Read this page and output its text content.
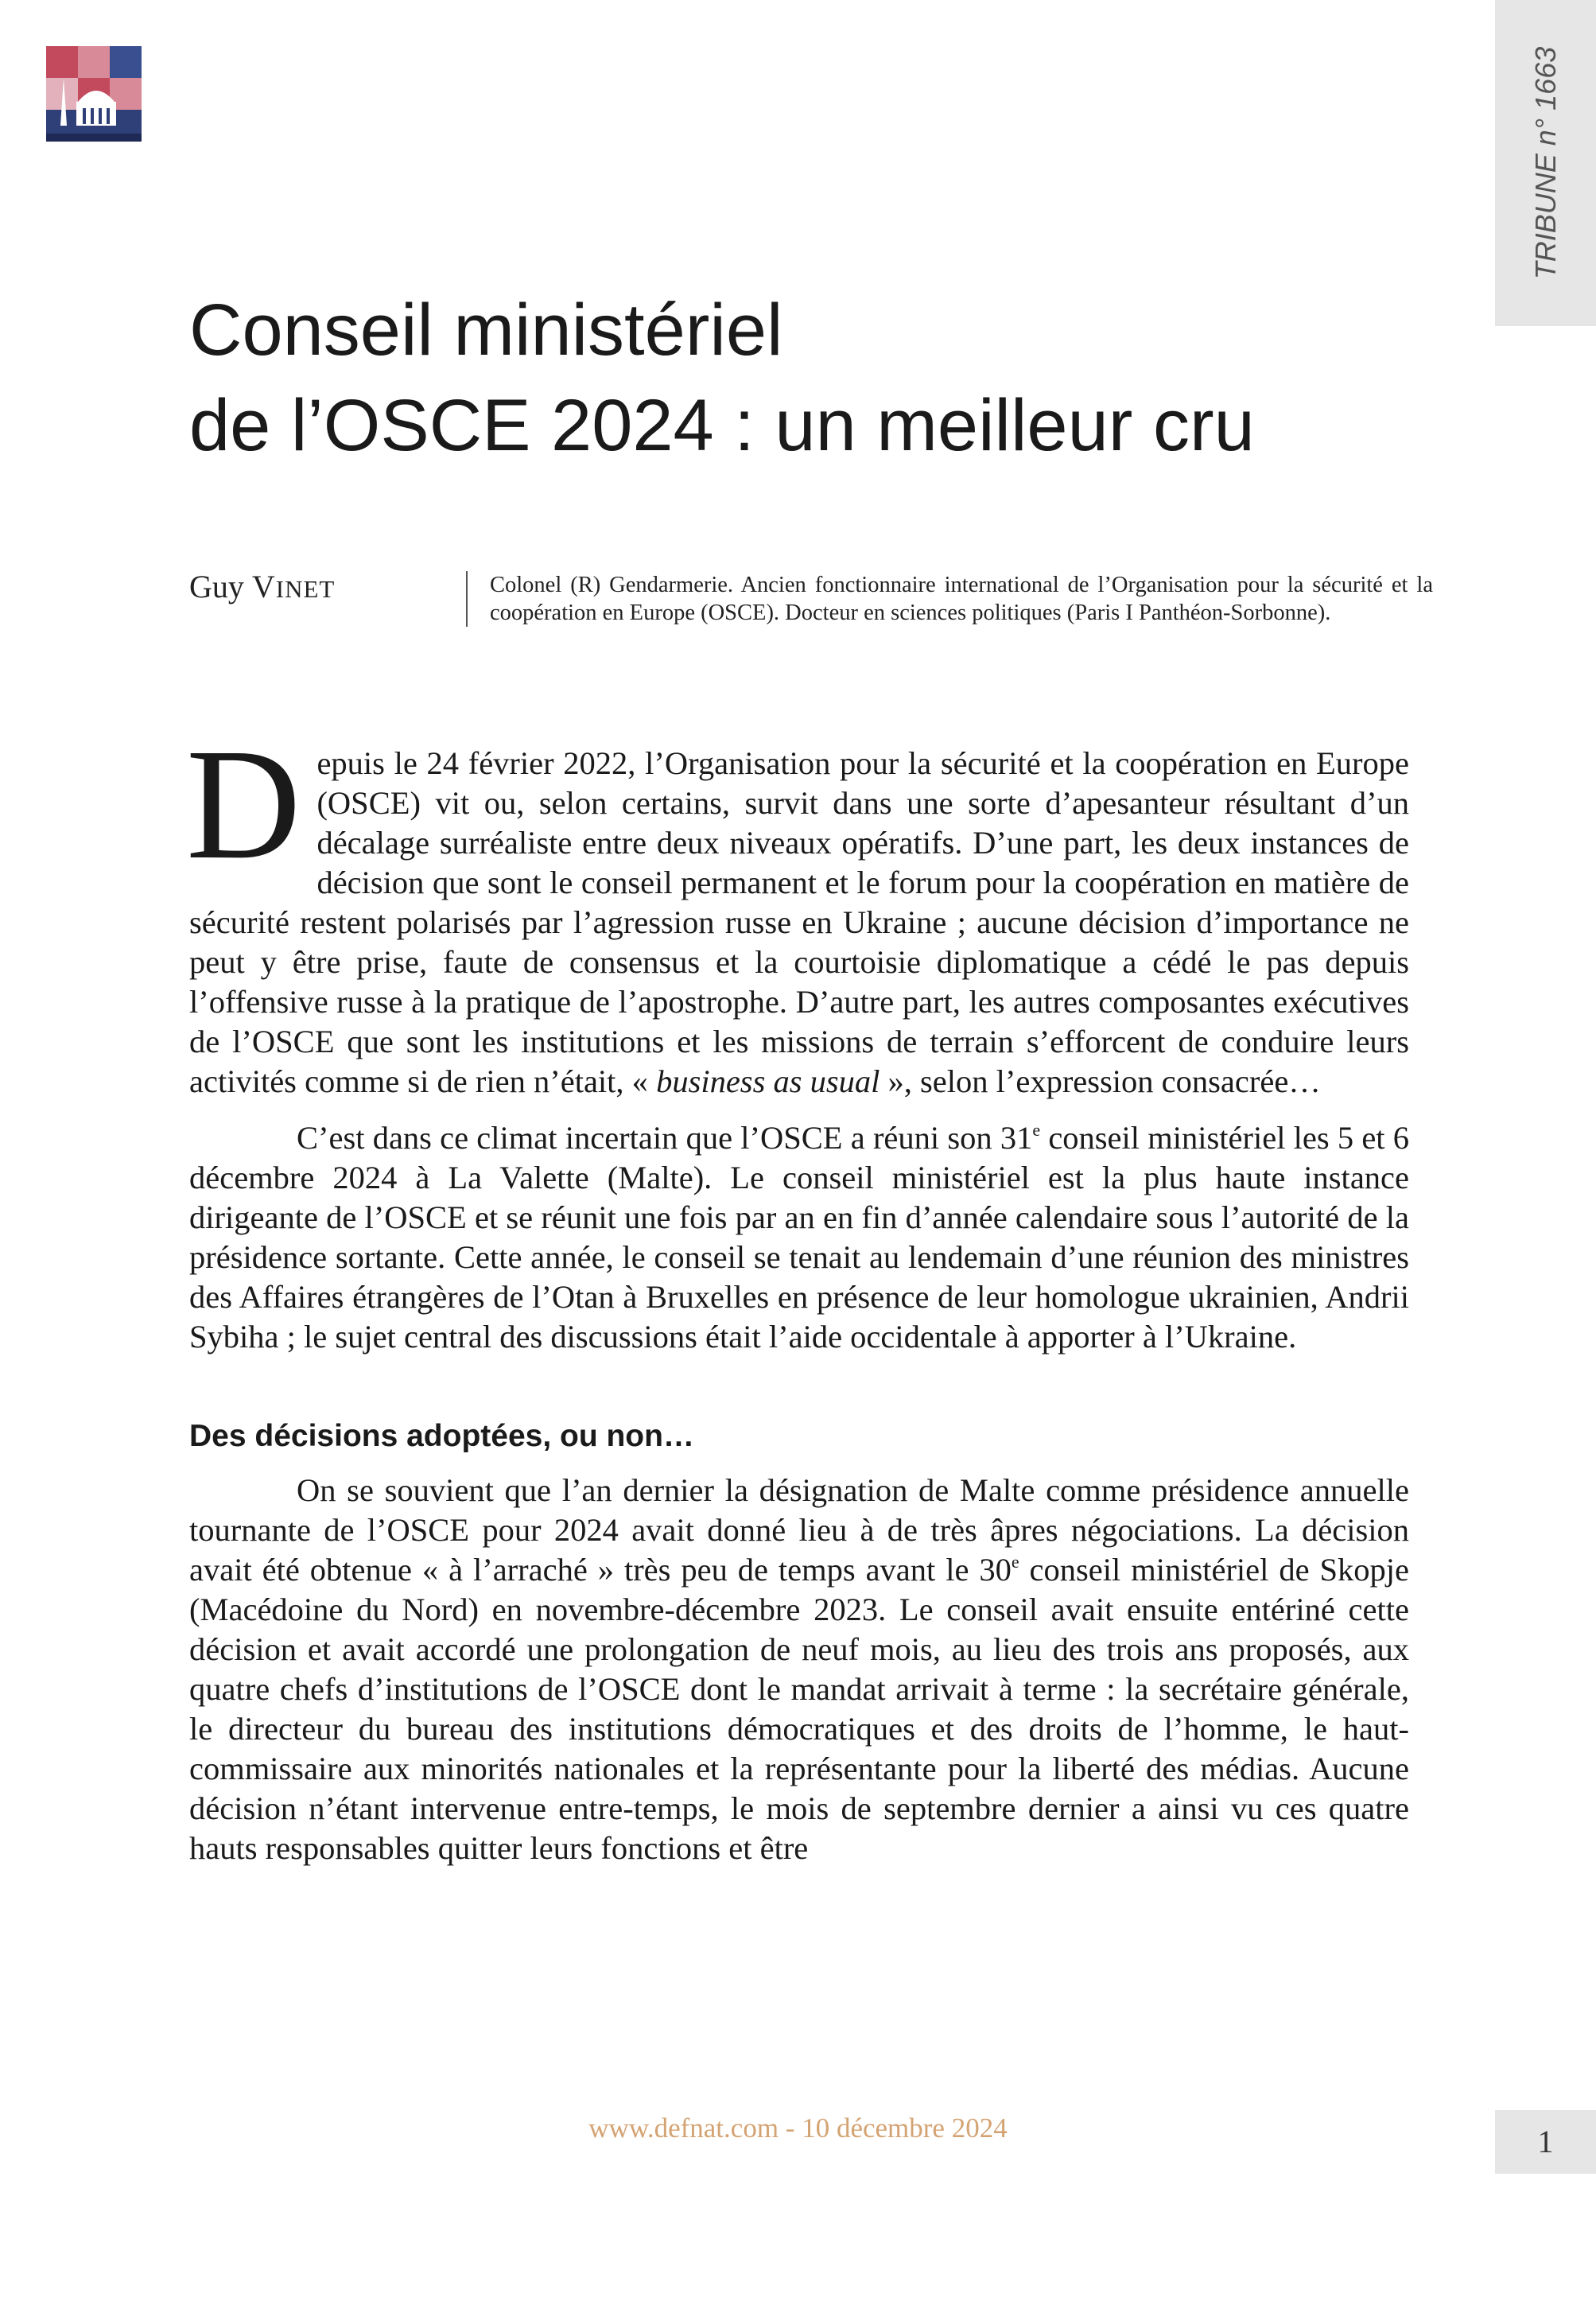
TRIBUNE n° 1663
Conseil ministériel
de l’OSCE 2024 : un meilleur cru
Guy VINET	Colonel (R) Gendarmerie. Ancien fonctionnaire international de l’Organisation pour la sécurité et la coopération en Europe (OSCE). Docteur en sciences politiques (Paris I Panthéon-Sorbonne).

Depuis le 24 février 2022, l’Organisation pour la sécurité et la coopération en Europe (OSCE) vit ou, selon certains, survit dans une sorte d’apesanteur résultant d’un décalage surréaliste entre deux niveaux opératifs. D’une part, les deux instances de décision que sont le conseil permanent et le forum pour la coopération en matière de sécurité restent polarisés par l’agression russe en Ukraine ; aucune décision d’importance ne peut y être prise, faute de consensus et la courtoisie diplomatique a cédé le pas depuis l’offensive russe à la pratique de l’apostrophe. D’autre part, les autres composantes exécutives de l’OSCE que sont les institutions et les missions de terrain s’efforcent de conduire leurs activités comme si de rien n’était, « business as usual », selon l’expression consacrée…

C’est dans ce climat incertain que l’OSCE a réuni son 31e conseil ministériel les 5 et 6 décembre 2024 à La Valette (Malte). Le conseil ministériel est la plus haute instance dirigeante de l’OSCE et se réunit une fois par an en fin d’année calendaire sous l’autorité de la présidence sortante. Cette année, le conseil se tenait au lendemain d’une réunion des ministres des Affaires étrangères de l’Otan à Bruxelles en présence de leur homologue ukrainien, Andrii Sybiha ; le sujet central des discussions était l’aide occidentale à apporter à l’Ukraine.

Des décisions adoptées, ou non…

On se souvient que l’an dernier la désignation de Malte comme présidence annuelle tournante de l’OSCE pour 2024 avait donné lieu à de très âpres négociations. La décision avait été obtenue « à l’arraché » très peu de temps avant le 30e conseil ministériel de Skopje (Macédoine du Nord) en novembre-décembre 2023. Le conseil avait ensuite entériné cette décision et avait accordé une prolongation de neuf mois, au lieu des trois ans proposés, aux quatre chefs d’institutions de l’OSCE dont le mandat arrivait à terme : la secrétaire générale, le directeur du bureau des institutions démocratiques et des droits de l’homme, le haut-commissaire aux minorités nationales et la représentante pour la liberté des médias. Aucune décision n’étant intervenue entre-temps, le mois de septembre dernier a ainsi vu ces quatre hauts responsables quitter leurs fonctions et être

www.defnat.com - 10 décembre 2024	1
